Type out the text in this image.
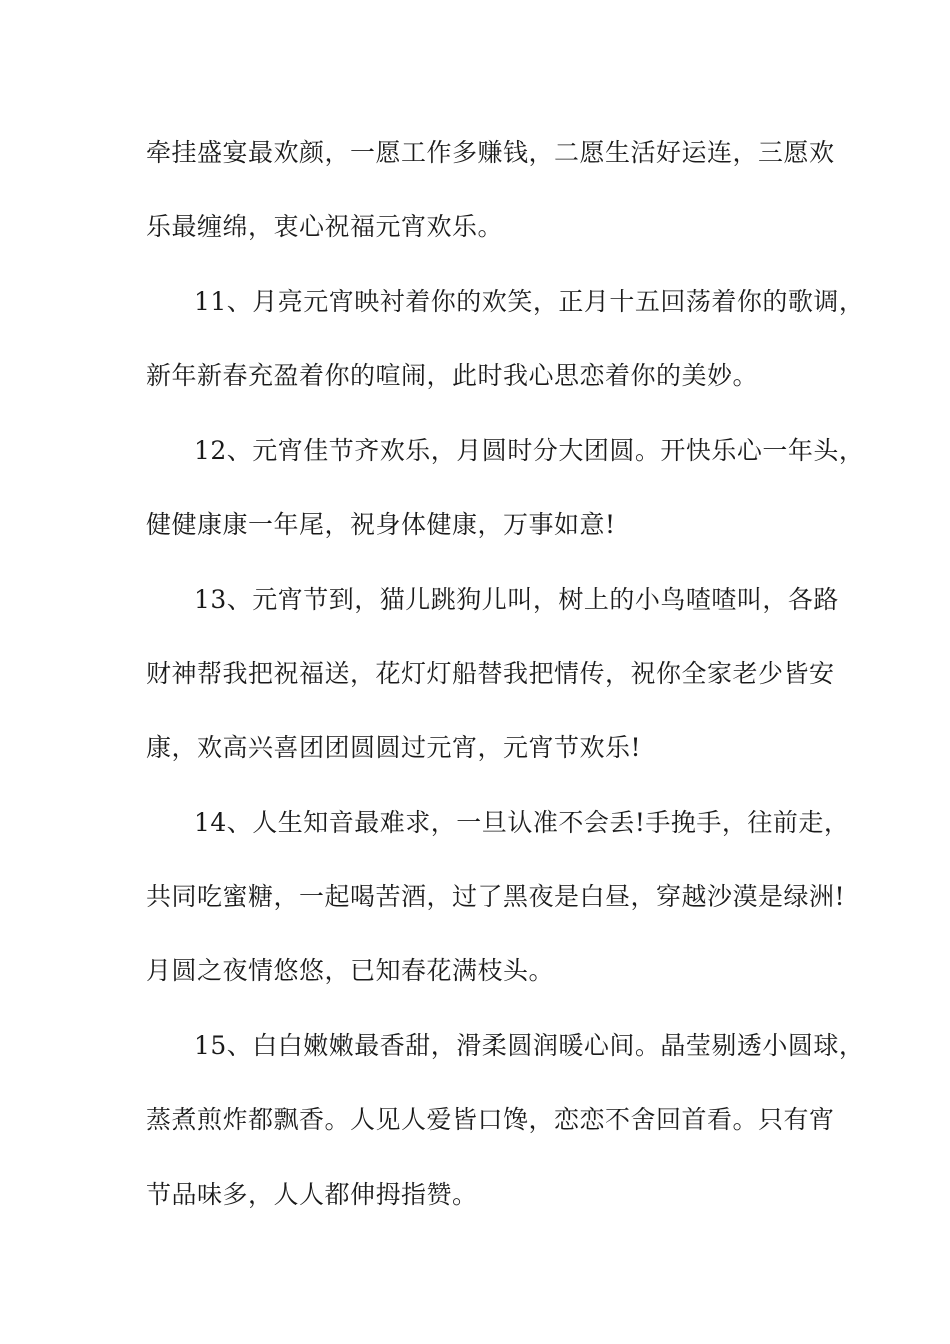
牵挂盛宴最欢颜，一愿工作多赚钱，二愿生活好运连，三愿欢
乐最缠绵，衷心祝福元宵欢乐。
11、月亮元宵映衬着你的欢笑，正月十五回荡着你的歌调，
新年新春充盈着你的喧闹，此时我心思恋着你的美妙。
12、元宵佳节齐欢乐，月圆时分大团圆。开快乐心一年头，
健健康康一年尾，祝身体健康，万事如意!
13、元宵节到，猫儿跳狗儿叫，树上的小鸟喳喳叫，各路
财神帮我把祝福送，花灯灯船替我把情传，祝你全家老少皆安
康，欢高兴喜团团圆圆过元宵，元宵节欢乐!
14、人生知音最难求，一旦认准不会丢!手挽手，往前走，
共同吃蜜糖，一起喝苦酒，过了黑夜是白昼，穿越沙漠是绿洲!
月圆之夜情悠悠，已知春花满枝头。
15、白白嫩嫩最香甜，滑柔圆润暖心间。晶莹剔透小圆球，
蒸煮煎炸都飘香。人见人爱皆口馋，恋恋不舍回首看。只有宵
节品味多，人人都伸拇指赞。
